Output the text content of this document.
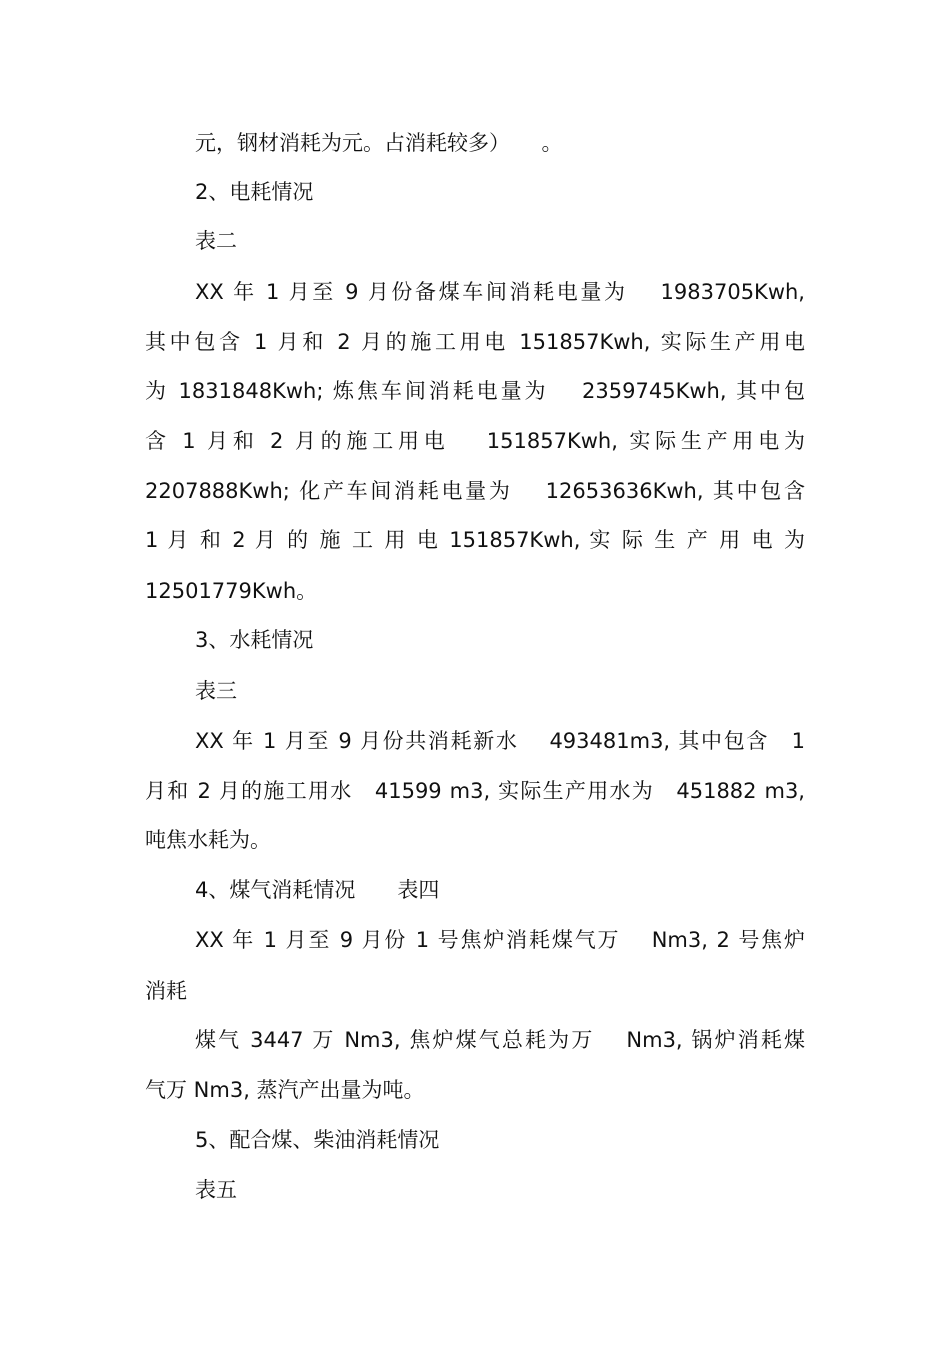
元，钢材消耗为元。占消耗较多）　　。
2、电耗情况
表二
XX 年 1 月至 9 月份备煤车间消耗电量为　 1983705Kwh,
其中包含 1 月和 2 月的施工用电 151857Kwh, 实际生产用电
为 1831848Kwh; 炼焦车间消耗电量为　 2359745Kwh, 其中包
含 1 月和 2 月的施工用电　 151857Kwh, 实际生产用电为
2207888Kwh; 化产车间消耗电量为　 12653636Kwh, 其中包含
1 月 和 2 月 的 施 工 用 电 151857Kwh, 实 际 生 产 用 电 为
12501779Kwh。
3、水耗情况
表三
XX 年 1 月至 9 月份共消耗新水　 493481m3, 其中包含　1
月和 2 月的施工用水　41599 m3, 实际生产用水为　451882 m3,
吨焦水耗为。
4、煤气消耗情况　　表四
XX 年 1 月至 9 月份 1 号焦炉消耗煤气万　 Nm3, 2 号焦炉
消耗
煤气 3447 万 Nm3, 焦炉煤气总耗为万　 Nm3, 锅炉消耗煤
气万 Nm3, 蒸汽产出量为吨。
5、配合煤、柴油消耗情况
表五
